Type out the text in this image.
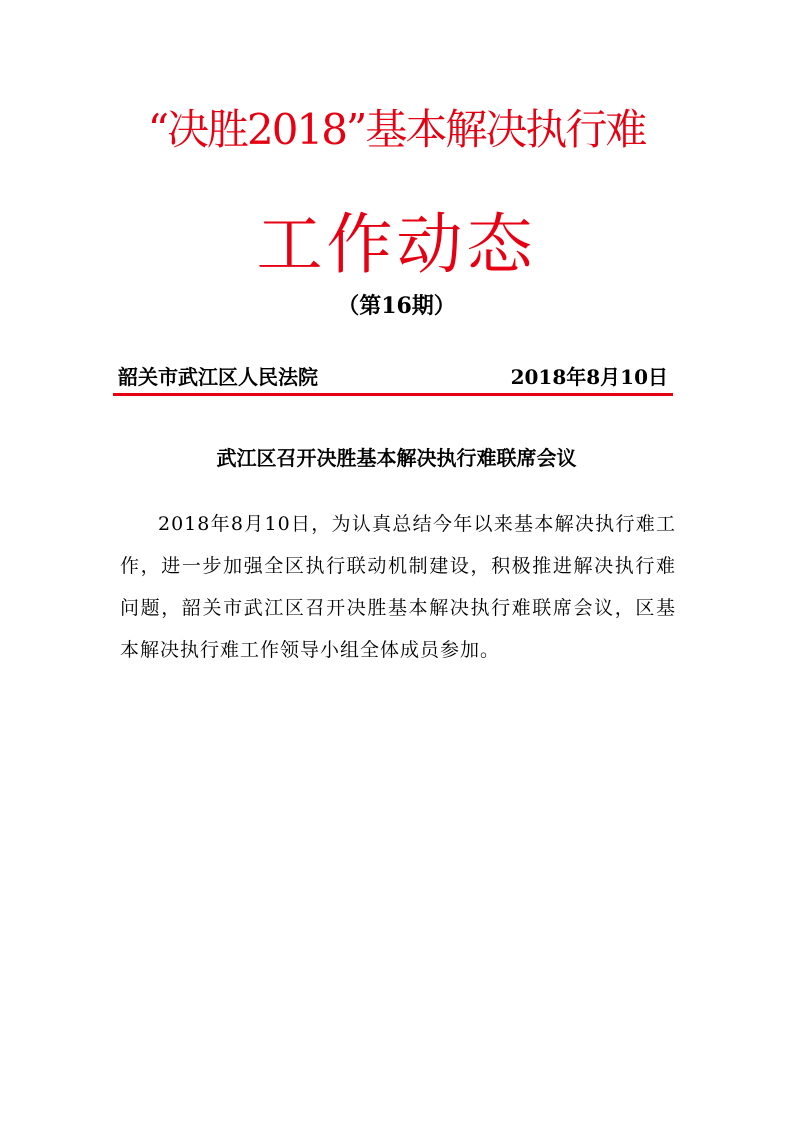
“决胜2018”基本解决执行难
工作动态
（第16期）
韶关市武江区人民法院	2018年8月10日
武江区召开决胜基本解决执行难联席会议

2018年8月10日，为认真总结今年以来基本解决执行难工作，进一步加强全区执行联动机制建设，积极推进解决执行难问题，韶关市武江区召开决胜基本解决执行难联席会议，区基本解决执行难工作领导小组全体成员参加。
